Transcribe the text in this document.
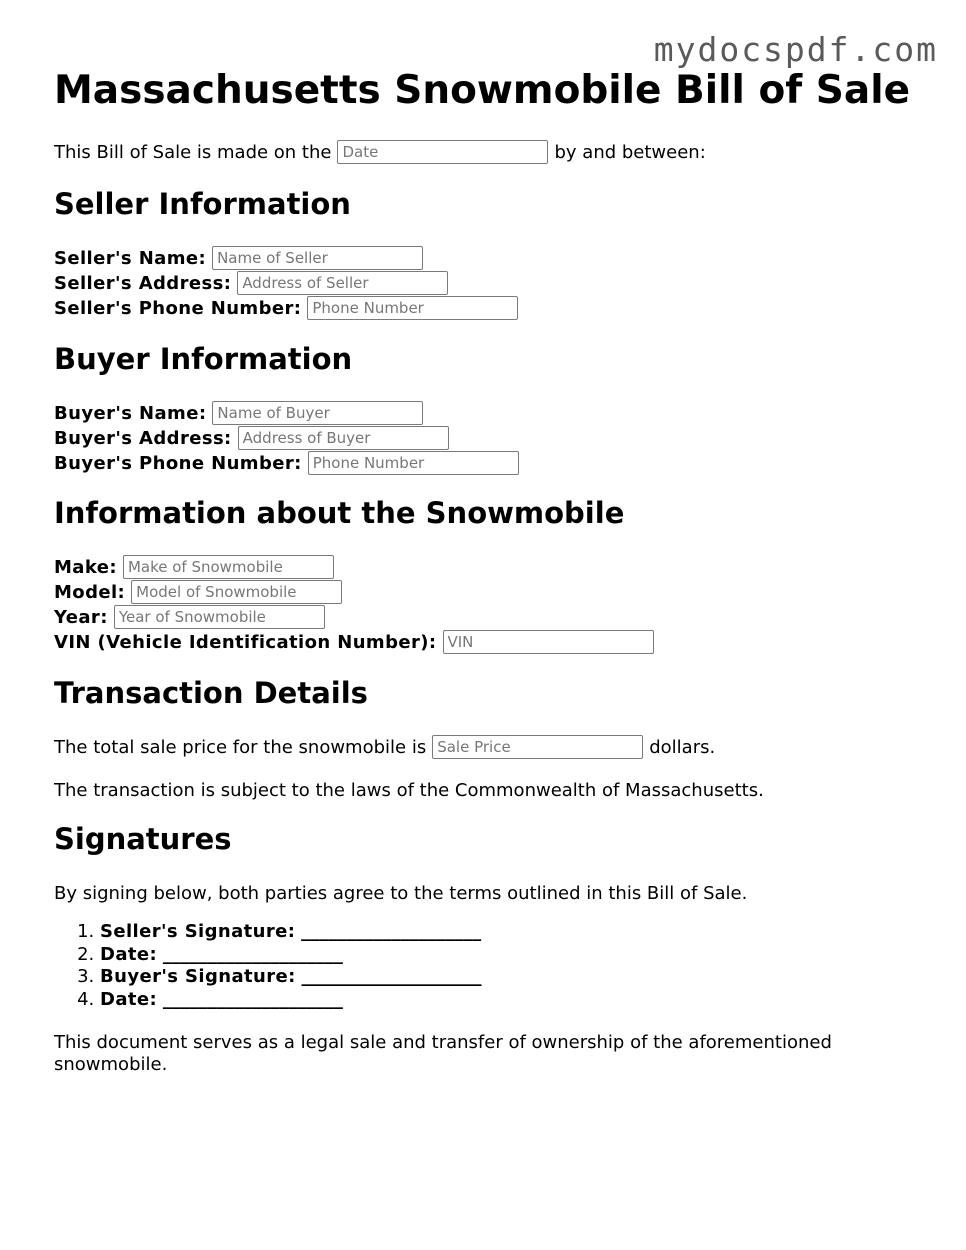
mydocspdf.com
Massachusetts Snowmobile Bill of Sale
This Bill of Sale is made on the
Date	by and between:
Seller Information
Seller's Name:
Name of Seller
Seller's Address:
Address of Seller
Seller's Phone Number:
Phone Number
Buyer Information
Buyer's Name:
Name of Buyer
Buyer's Address:
Address of Buyer
Buyer's Phone Number:
Phone Number
Information about the Snowmobile
Make:
Make of Snowmobile
Model:
Model of Snowmobile
Year:
Year of Snowmobile
VIN (Vehicle Identification Number):
VIN
Transaction Details
The total sale price for the snowmobile is
Sale Price	dollars.
The transaction is subject to the laws of the Commonwealth of Massachusetts.
Signatures
By signing below, both parties agree to the terms outlined in this Bill of Sale.
1. Seller's Signature: ____________________
2. Date: ____________________
3. Buyer's Signature: ____________________
4. Date: ____________________
This document serves as a legal sale and transfer of ownership of the aforementioned snowmobile.
